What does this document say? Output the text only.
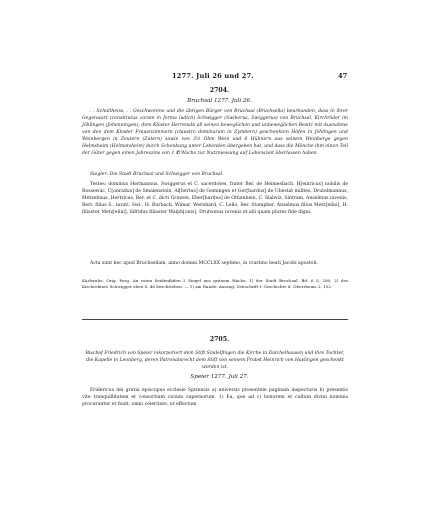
1277. Juli 26 und 27.	47
2704.
Bruchsal 1277. Juli 26.

. . Schultheiss, . . Geschworene und die übrigen Bürger von Bruchsal (Bruchsella) beurkunden, dass in ihrer Gegenwart (constitutus coram in forma iudicii) Schwigger (Swikerus, Swiggerus) von Bruchsal, Kirchröder im Jöhlingen (Johenningen), dem Kloster Herrenalb all seinen beweglichen und unbeweglichen Besitz mit Ausnahme von den dem Kloster Frauenzimmern (claustro dominarum in Zymbern) geschenkten Höfen in Jöhlingen und Weinbergen in Zeutern (Zutern) sowie von 3½ Ohm Wein und 6 Hühnern aus seinem Weinberge gegen Helmsheim (Helmotsheim) durch Schenkung unter Lebenden übergeben hat, und dass die Mönche ihm einen Teil der Güter gegen einen Jahreszins von 1 ℔ Wachs zur Nutzniessung auf Lebenszeit überlassen haben.

Siegler: Die Stadt Bruchsal und Schwigger von Bruchsal.

Testes: dominus Hermannus, Swiggerus et C. sacerdotes, frater Ber. de Heimesbach, H[einricus] nobilis de Rossewác, C[onradus] de Smalenstein, Al[bertus] de Gemingen et Ger[hardus] de Ubestat milites, Drutelmannus, Metzelinus, Hertricus, Ber. et C. dicti Grawen, Eber[hardus] de Othenbein, C. Slalwiz, Sintram, Anselmus iuvenis, Bert. filius S., iurati, Swi., H. Burbach, Wimar, Wernhard, C. Lello, Ber. Stampher, Anselmus filius Metz[elini], H. filiaster Metz[elini], Sifridus filiaster Walph[onis], Drutwinus iuvenis et alii quam plures fide digni.

Acta sunt hec apud Bruchsellam, anno domini MCCLXX septimo, in crastino beati Jacobi apostoli.

Karlsruhe. Orig. Perg. An roten Seidenfäden 2 Siegel aus grünem Wachs: 1) der Stadt Bruchsal, Bd. 6 S. 280, 2) des Kirchrektors Schwigger oben S. 46 beschrieben. — 1) am Rande: Auszug: Zeitschrift f. Geschichte d. Oberrheins 2, 102.

2705.

Bischof Friedrich von Speier inkorporiert dem Stift Sindelfingen die Kirche in Dalchelhausen und ihre Tochter, die Kapelle in Leonberg, deren Patronatsrecht dem Stift von seinem Probst Heinrich von Haslingen geschenkt worden ist.

Speier 1277. Juli 27.

Fridericus dei gratia episcopus ecclesie Spirensis a) universis presentem paginam inspecturis b) presentis vite tranquillitatem et consortium civium supernorum. 1) Ea, que ad c) honorem et cultum divini nominis procurantur et fiunt, omni celeritate, ut effectum
